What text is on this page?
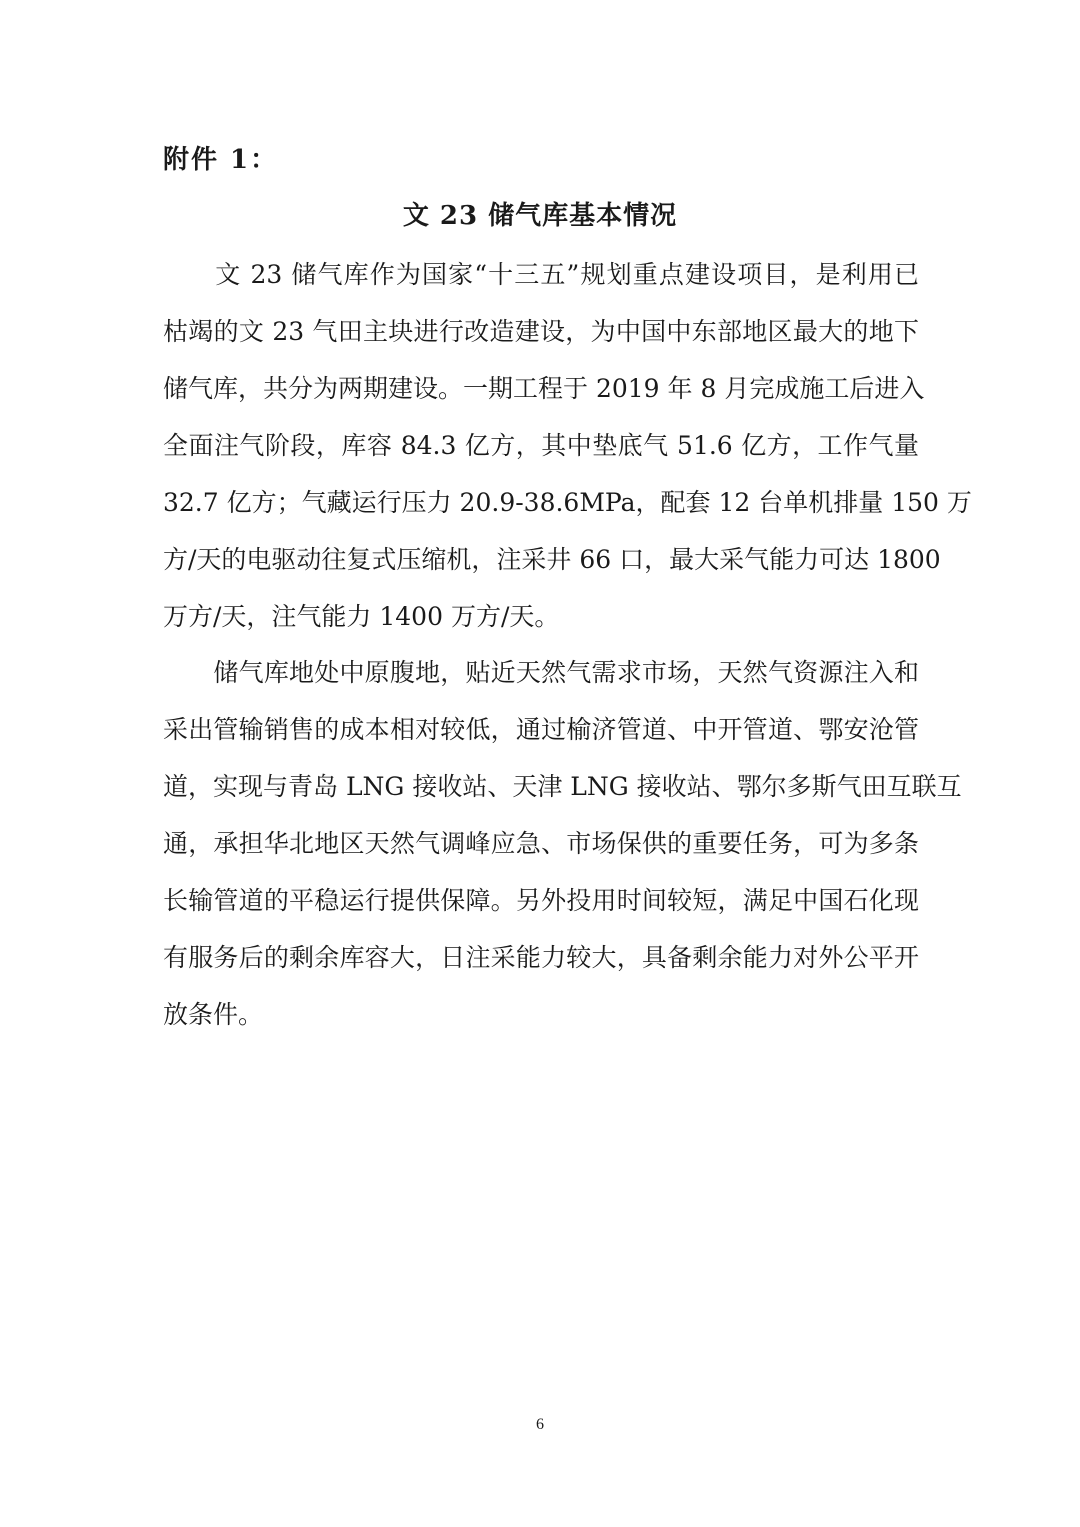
附件 1：
文 23 储气库基本情况
　　文 23 储气库作为国家“十三五”规划重点建设项目，是利用已
枯竭的文 23 气田主块进行改造建设，为中国中东部地区最大的地下
储气库，共分为两期建设。一期工程于 2019 年 8 月完成施工后进入
全面注气阶段，库容 84.3 亿方，其中垫底气 51.6 亿方，工作气量
32.7 亿方；气藏运行压力 20.9-38.6MPa，配套 12 台单机排量 150 万
方/天的电驱动往复式压缩机，注采井 66 口，最大采气能力可达 1800
万方/天，注气能力 1400 万方/天。
　　储气库地处中原腹地，贴近天然气需求市场，天然气资源注入和
采出管输销售的成本相对较低，通过榆济管道、中开管道、鄂安沧管
道，实现与青岛 LNG 接收站、天津 LNG 接收站、鄂尔多斯气田互联互
通，承担华北地区天然气调峰应急、市场保供的重要任务，可为多条
长输管道的平稳运行提供保障。另外投用时间较短，满足中国石化现
有服务后的剩余库容大，日注采能力较大，具备剩余能力对外公平开
放条件。
6
